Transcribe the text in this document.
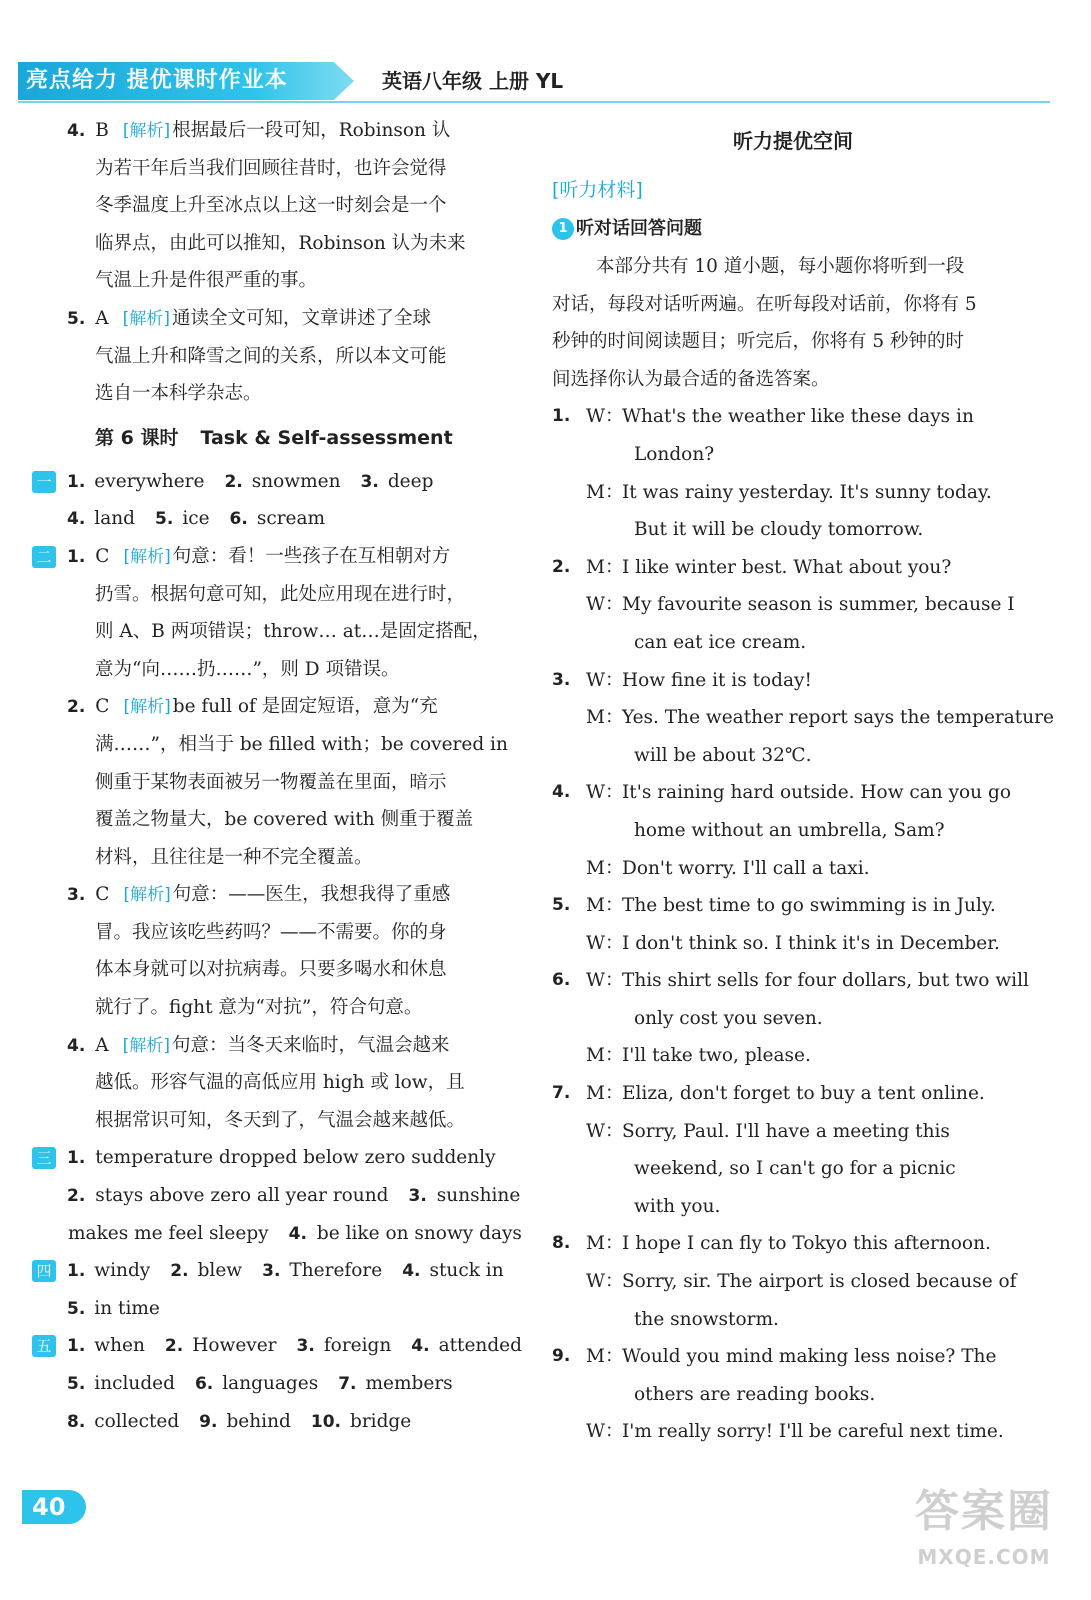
亮点给力 提优课时作业本	英语八年级 上册 YL
4. B [ 解析 ] 根据最后一段可知，Robinson 认
为若干年后当我们回顾往昔时，也许会觉得
冬季温度上升至冰点以上这一时刻会是一个
临界点，由此可以推知，Robinson 认为未来
气温上升是件很严重的事。
5. A [ 解析 ] 通读全文可知，文章讲述了全球
气温上升和降雪之间的关系，所以本文可能
选自一本科学杂志。
第 6 课时 Task & Self-assessment
一 1. everywhere 2. snowmen 3. deep
4. land 5. ice 6. scream
二 1. C [ 解析 ] 句意：看！一些孩子在互相朝对方
扔雪。根据句意可知，此处应用现在进行时，
则 A、B 两项错误；throw… at…是固定搭配，
意为“向……扔……”，则 D 项错误。
2. C [ 解析 ] be full of 是固定短语，意为“充
满……”，相当于 be filled with；be covered in
侧重于某物表面被另一物覆盖在里面，暗示
覆盖之物量大，be covered with 侧重于覆盖
材料，且往往是一种不完全覆盖。
3. C [ 解析 ] 句意：——医生，我想我得了重感
冒。我应该吃些药吗？——不需要。你的身
体本身就可以对抗病毒。只要多喝水和休息
就行了。fight 意为“对抗”，符合句意。
4. A [ 解析 ] 句意：当冬天来临时，气温会越来
越低。形容气温的高低应用 high 或 low，且
根据常识可知，冬天到了，气温会越来越低。
三 1. temperature dropped below zero suddenly
2. stays above zero all year round 3. sunshine
makes me feel sleepy 4. be like on snowy days
四 1. windy 2. blew 3. Therefore 4. stuck in
5. in time
五 1. when 2. However 3. foreign 4. attended
5. included 6. languages 7. members
8. collected 9. behind 10. bridge
听力提优空间
[听力材料]
1 听对话回答问题
本部分共有 10 道小题，每小题你将听到一段
对话，每段对话听两遍。在听每段对话前，你将有 5
秒钟的时间阅读题目；听完后，你将有 5 秒钟的时
间选择你认为最合适的备选答案。
1. W：
What's the weather like these days in
London?
M：
It was rainy yesterday. It's sunny today.
But it will be cloudy tomorrow.
2. M：
I like winter best. What about you?
W：
My favourite season is summer, because I
can eat ice cream.
3. W：
How fine it is today!
M：
Yes. The weather report says the temperature
will be about 32℃.
4. W：
It's raining hard outside. How can you go
home without an umbrella, Sam?
M：
Don't worry. I'll call a taxi.
5. M：
The best time to go swimming is in July.
W：
I don't think so. I think it's in December.
6. W：
This shirt sells for four dollars, but two will
only cost you seven.
M：
I'll take two, please.
7. M：
Eliza, don't forget to buy a tent online.
W：
Sorry, Paul. I'll have a meeting this
weekend, so I can't go for a picnic
with you.
8. M：
I hope I can fly to Tokyo this afternoon.
W：
Sorry, sir. The airport is closed because of
the snowstorm.
9. M：
Would you mind making less noise? The
others are reading books.
W：
I'm really sorry! I'll be careful next time.
40	答案圈
MXQE.COM
